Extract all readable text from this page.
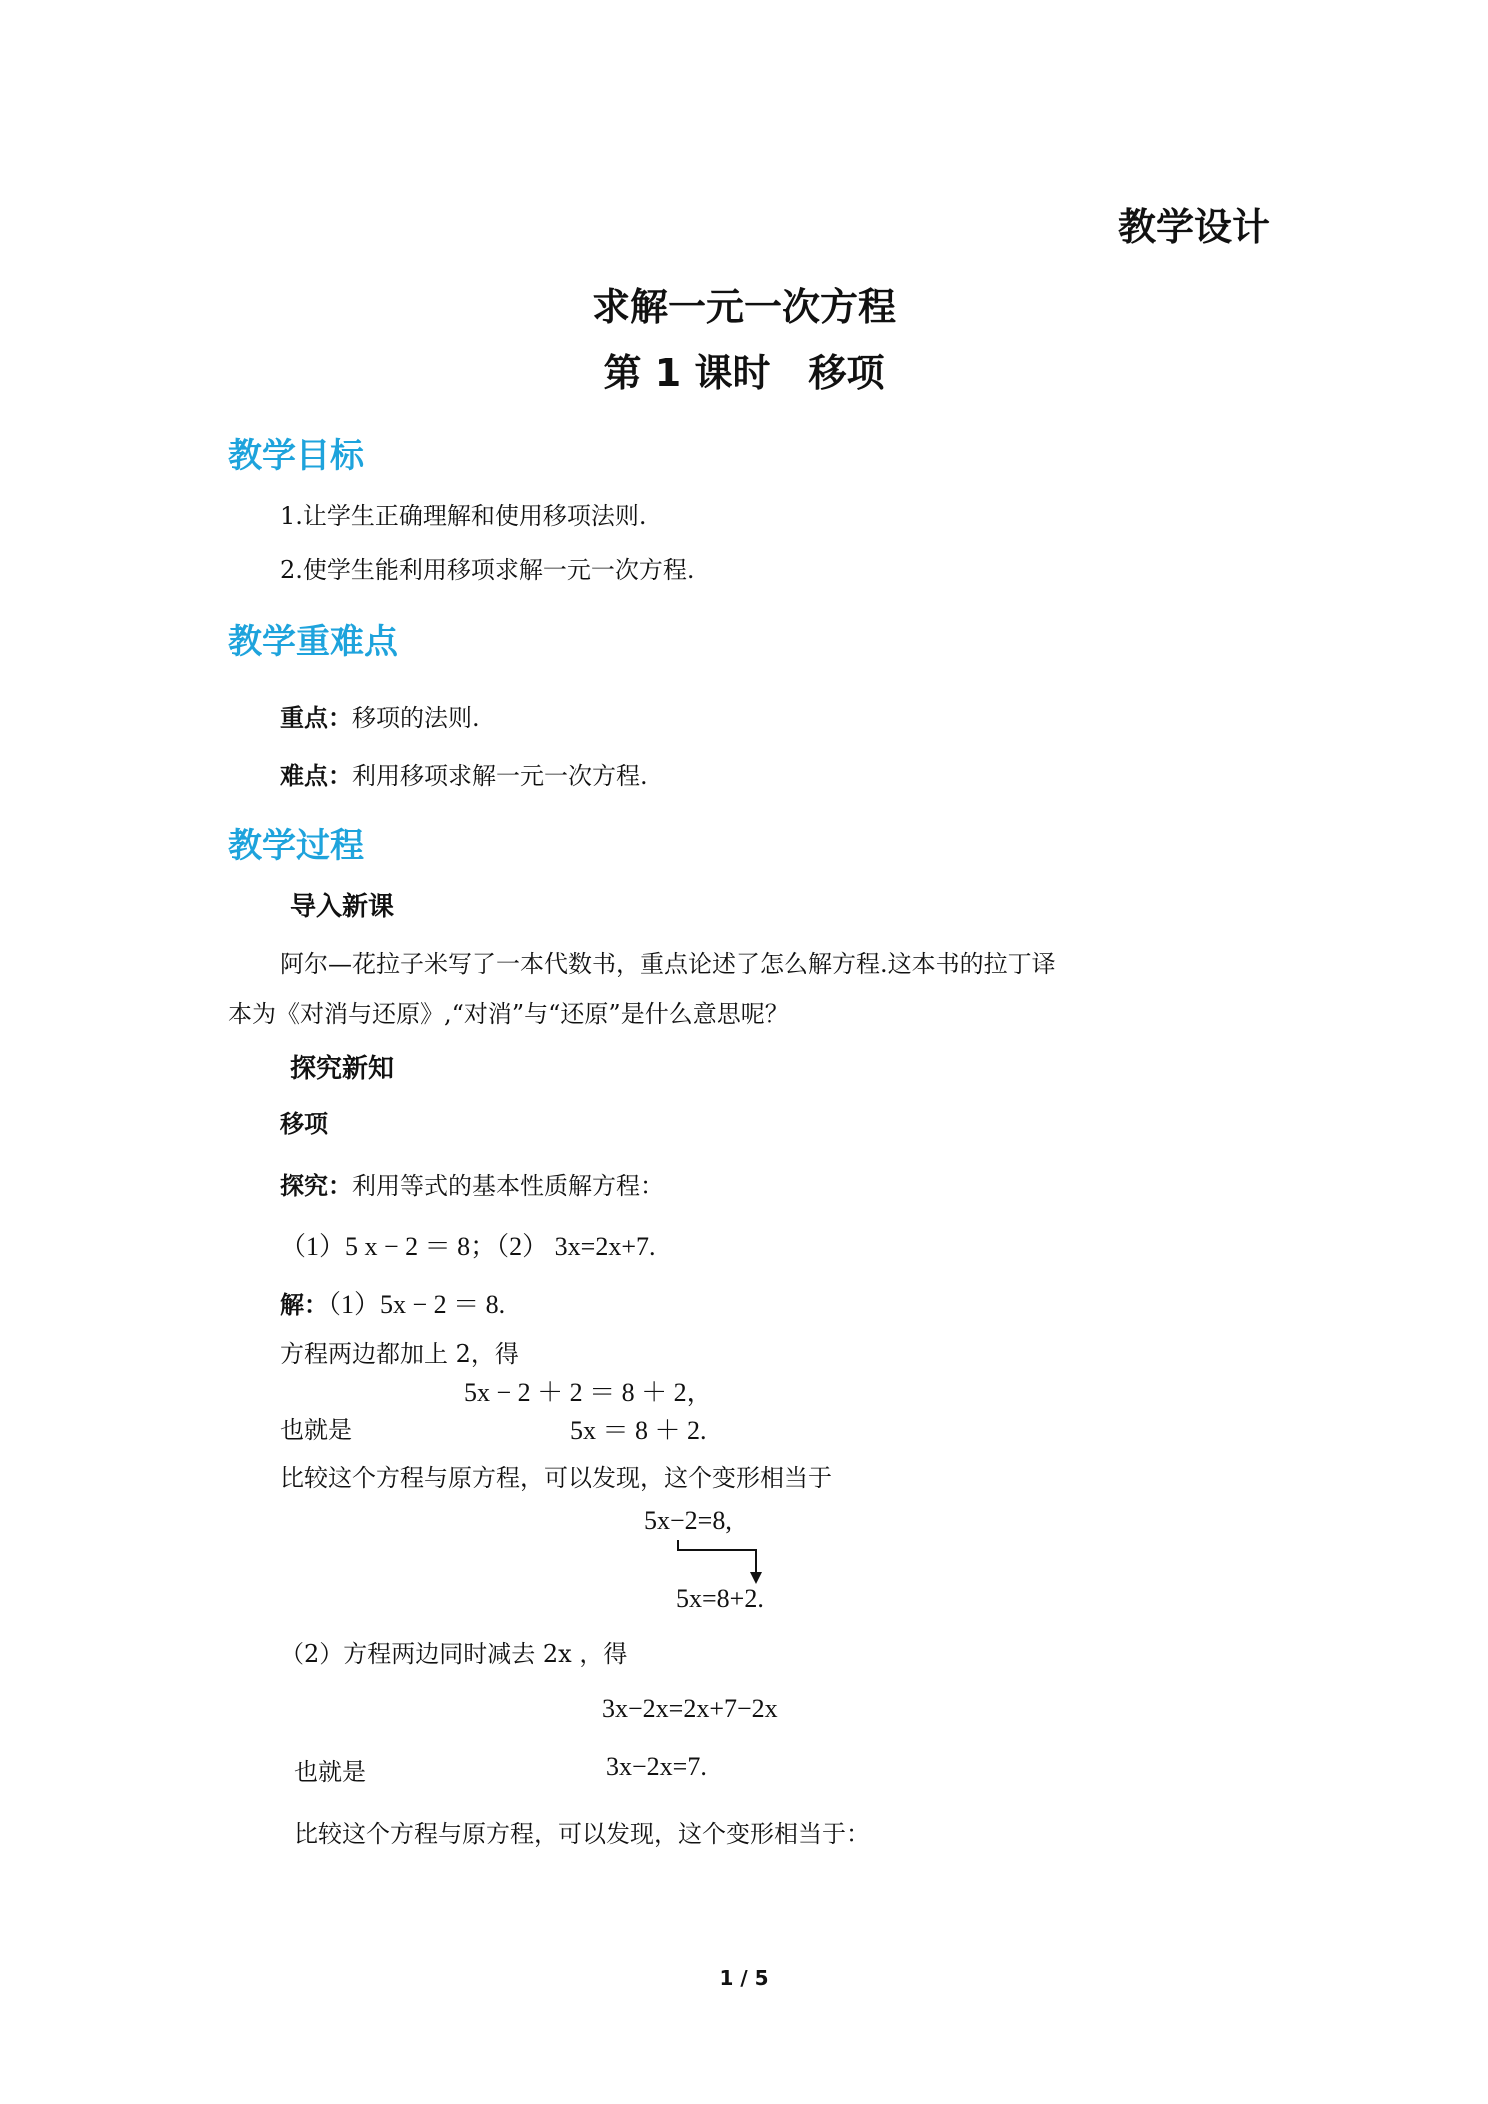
教学设计
求解一元一次方程
第 1 课时　移项
教学目标
1.让学生正确理解和使用移项法则.
2.使学生能利用移项求解一元一次方程.
教学重难点
重点：移项的法则.
难点：利用移项求解一元一次方程.
教学过程
导入新课
阿尔—花拉子米写了一本代数书，重点论述了怎么解方程.这本书的拉丁译
本为《对消与还原》,“对消”与“还原”是什么意思呢？
探究新知
移项
探究：利用等式的基本性质解方程：
（1）5 x − 2 ＝ 8；（2） 3x=2x+7.
解：（1）5x − 2 ＝ 8.
方程两边都加上 2，得
5x − 2 ＋ 2 ＝ 8 ＋ 2，
也就是	5x ＝ 8 ＋ 2.
比较这个方程与原方程，可以发现，这个变形相当于
5x−2=8,
5x=8+2.
（2）方程两边同时减去 2x ，得
3x−2x=2x+7−2x
也就是	3x−2x=7.
比较这个方程与原方程，可以发现，这个变形相当于：
1 / 5
